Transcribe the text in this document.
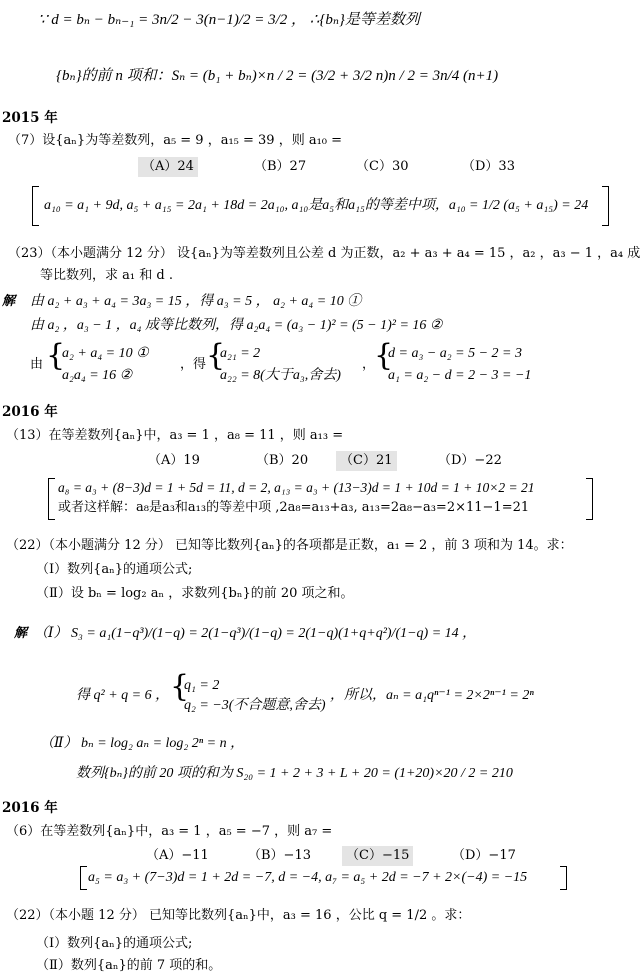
∵ d = bₙ − bₙ₋₁ = 3n/2 − 3(n−1)/2 = 3/2 ， ∴{bₙ}是等差数列
{bₙ}的前 n 项和：Sₙ = (b₁ + bₙ)×n / 2 = (3/2 + 3/2 n)n / 2 = 3n/4 (n+1)
2015 年
（7）设{aₙ}为等差数列，a₅ = 9 ，a₁₅ = 39 ，则 a₁₀ =
（A）24	（B）27	（C）30	（D）33
a₁₀ = a₁ + 9d, a₅ + a₁₅ = 2a₁ + 18d = 2a₁₀, a₁₀是a₅和a₁₅的等差中项，a₁₀ = 1/2 (a₅ + a₁₅) = 24
（23）（本小题满分 12 分） 设{aₙ}为等差数列且公差 d 为正数，a₂ + a₃ + a₄ = 15 ，a₂ ，a₃ − 1 ，a₄ 成
等比数列，求 a₁ 和 d .
解 由 a₂ + a₃ + a₄ = 3a₃ = 15 ，得 a₃ = 5 ， a₂ + a₄ = 10 ①
由 a₂ ，a₃ − 1 ，a₄ 成等比数列，得 a₂a₄ = (a₃ − 1)² = (5 − 1)² = 16 ②
由 {
a₂ + a₄ = 10 ①
a₂a₄ = 16 ②
，得 {
a₂₁ = 2
a₂₂ = 8(大于a₃,舍去)
，
{
d = a₃ − a₂ = 5 − 2 = 3
a₁ = a₂ − d = 2 − 3 = −1
2016 年
（13）在等差数列{aₙ}中，a₃ = 1 ，a₈ = 11 ，则 a₁₃ =
（A）19	（B）20	（C）21	（D）−22
a₈ = a₃ + (8−3)d = 1 + 5d = 11, d = 2, a₁₃ = a₃ + (13−3)d = 1 + 10d = 1 + 10×2 = 21
或者这样解：a₈是a₃和a₁₃的等差中项 ,2a₈=a₁₃+a₃, a₁₃=2a₈−a₃=2×11−1=21
（22）（本小题满分 12 分） 已知等比数列{aₙ}的各项都是正数，a₁ = 2 ，前 3 项和为 14。求：
（Ⅰ）数列{aₙ}的通项公式;
（Ⅱ）设 bₙ = log₂ aₙ ，求数列{bₙ}的前 20 项之和。
解 （Ⅰ） S₃ = a₁(1−q³)/(1−q) = 2(1−q³)/(1−q) = 2(1−q)(1+q+q²)/(1−q) = 14 ，
得 q² + q = 6 ， {
q₁ = 2
q₂ = −3(不合题意,舍去)
，所以，aₙ = a₁qⁿ⁻¹ = 2×2ⁿ⁻¹ = 2ⁿ
（Ⅱ） bₙ = log₂ aₙ = log₂ 2ⁿ = n ，
数列{bₙ}的前 20 项的和为 S₂₀ = 1 + 2 + 3 + L + 20 = (1+20)×20 / 2 = 210
2016 年
（6）在等差数列{aₙ}中，a₃ = 1 ，a₅ = −7 ，则 a₇ =
（A）−11	（B）−13	（C）−15	（D）−17
a₅ = a₃ + (7−3)d = 1 + 2d = −7, d = −4, a₇ = a₅ + 2d = −7 + 2×(−4) = −15
（22）（本小题 12 分） 已知等比数列{aₙ}中，a₃ = 16 ，公比 q = 1/2 。求：
（Ⅰ）数列{aₙ}的通项公式;
（Ⅱ）数列{aₙ}的前 7 项的和。
